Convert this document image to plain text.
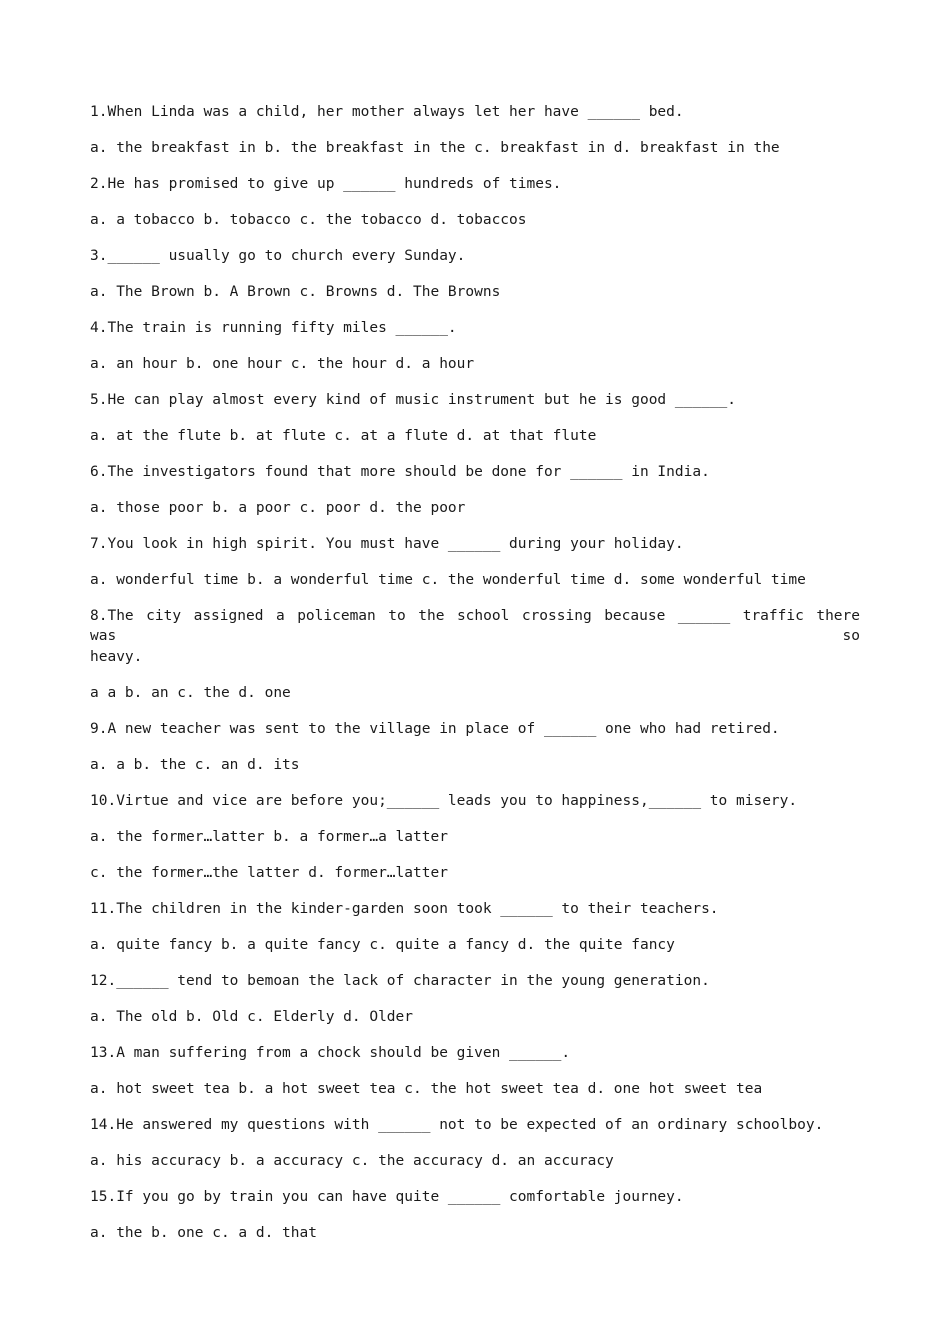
1.When Linda was a child, her mother always let her have ______ bed.

a. the breakfast in b. the breakfast in the c. breakfast in d. breakfast in the

2.He has promised to give up ______ hundreds of times.

a. a tobacco b. tobacco c. the tobacco d. tobaccos

3.______ usually go to church every Sunday.

a. The Brown b. A Brown c. Browns d. The Browns

4.The train is running fifty miles ______.

a. an hour b. one hour c. the hour d. a hour

5.He can play almost every kind of music instrument but he is good ______.

a. at the flute b. at flute c. at a flute d. at that flute

6.The investigators found that more should be done for ______ in India.

a. those poor b. a poor c. poor d. the poor

7.You look in high spirit. You must have ______ during your holiday.

a. wonderful time b. a wonderful time c. the wonderful time d. some wonderful time

8.The city assigned a policeman to the school crossing because ______ traffic there was so

heavy.

a a b. an c. the d. one

9.A new teacher was sent to the village in place of ______ one who had retired.

a. a b. the c. an d. its

10.Virtue and vice are before you;______ leads you to happiness,______ to misery.

a. the former…latter b. a former…a latter

c. the former…the latter d. former…latter

11.The children in the kinder-garden soon took ______ to their teachers.

a. quite fancy b. a quite fancy c. quite a fancy d. the quite fancy

12.______ tend to bemoan the lack of character in the young generation.

a. The old b. Old c. Elderly d. Older

13.A man suffering from a chock should be given ______.

a. hot sweet tea b. a hot sweet tea c. the hot sweet tea d. one hot sweet tea

14.He answered my questions with ______ not to be expected of an ordinary schoolboy.

a. his accuracy b. a accuracy c. the accuracy d. an accuracy

15.If you go by train you can have quite ______ comfortable journey.

a. the b. one c. a d. that
